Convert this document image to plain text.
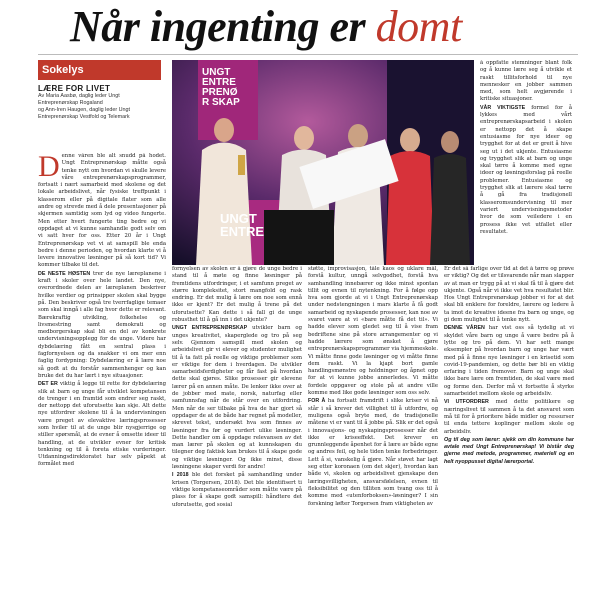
Når ingenting er domt
Sokelys
LÆRE FOR LIVET
Av Maria Aasbø, daglig leder Ungt
Entreprenørskap Rogaland
og Ann-Iren Haugen, daglig leder Ungt
Entreprenørskap Vestfold og Telemark
UNGT
ENTRE
PRENØ
R SKAP
UNGT
ENTRE

Denne våren ble alt snudd på hodet. Ungt Entreprenørskap måtte også tenke nytt om hvordan vi skulle levere våre entreprenørskapsprogrammer, fortsatt i nært samarbeid med skolene og det lokale arbeidslivet, når fysiske treffpunkt i klasserom eller på digitale flater som alle andre og strevde med å dele presentasjoner på skjermen samtidig som lyd og video fungerte. Men etter hvert fungerte ting bedre og vi oppdaget at vi kunne samhandle godt selv om vi satt hver for oss. Etter 20 år i Ungt Entreprenørskap vet vi at samspill ble enda bedre i denne perioden, og hvordan klarte vi å levere innovative løsninger på så kort tid? Vi kommer tilbake til det.

DE NESTE HØSTEN trer de nye læreplanene i kraft i skoler over hele landet. Den nye, overordnede delen av læreplanen beskriver hvilke verdier og prinsipper skolen skal bygge på. Den beskriver også tre tverrfaglige temaer som skal inngå i alle fag hvor dette er relevant. Bærekraftig utvikling, folkehelse og livsmestring samt demokrati og medborgerskap skal bli en del av konkrete undervisningsopplegg for de unge. Videre har dybdelæring fått en sentral plass i fagfornyelsen og da snakker vi om mer enn faglig fordypning: Dybdelæring er å lære noe så godt at du forstår sammenhenger og kan bruke det du har lært i nye situasjoner.

DET ER viktig å legge til rette for dybdelæring slik at barn og unge får utviklet kompetansen de trenger i en framtid som endrer seg raskt, der nettopp det uforutsette kan skje. Alt dette nye utfordrer skolene til å la undervisningen være preget av elevaktive læringsprosesser som hviler til at de unge blir nysgjerrige og stiller spørsmål, at de evner å omsette ideer til handling, at de utvikler evner for kritisk tenkning og til å foreta etiske vurderinger. Utdanningsdirektoratet har selv påpekt at formålet med

fornyelsen av skolen er å gjøre de unge bedre i stand til å møte og finne løsninger på fremtidens utfordringer, i et samfunn preget av større kompleksitet, stort mangfold og rask endring. Er det mulig å lære om noe som ennå ikke er kjent? Er det mulig å trene på det uforutsette? Kan dette i så fall gi de unge robusthet til å gå inn i det ukjente?

UNGT ENTREPRENØRSKAP utvikler barn og unges kreativitet, skaperglede og tro på seg selv. Gjennom samspill med skolen og arbeidslivet gir vi elever og studenter mulighet til å ta fatt på reelle og viktige problemer som er viktige for dem i hverdagen. De utvikler samarbeidsferdigheter og får fast på hvordan dette skal gjøres. Slike prosesser gir elevene lærer på en annen måte. De lenker ikke over at de jobber med mate, norsk, naturfag eller samfunnsfag når de står over en utfordring. Men når de ser tilbake på hva de har gjort så oppdager de at de både har regnet på modeller, skrevet tekst, undersøkt hva som finnes av løsninger fra før og vurdert ulike løsninger. Dette handler om å oppdage relevansen av det man lærer på skolen og at kunnskapen du tilegner deg faktisk kan brukes til å skape gode og viktige løsninger. Og ikke minst, disse løsningene skaper verdi for andre!

I 2018 ble det forsket på samhandling under krisen (Torgersen, 2018). Det ble identifisert ti viktige kompetanseområder som måtte være på plass for å skape godt samspill: håndtere det uforutsette, god sosial

støtte, improvisasjon, tåle kaos og uklare mål, forstå kultur, unngå selvgodhet, forstå hva samhandling innebærer og ikke minst spontan tillit og evnen til nytenkning. For å følge opp hva som gjorde at vi i Ungt Entreprenørskap under nedstengningen i mars klarte å få godt samarbeid og nyskapende prosesser, kan noe av svaret være at vi «bare måtte få det til». Vi hadde elever som gledet seg til å vise fram bedriftene sine på store arrangementer og vi hadde lærere som ønsket å gjøre entreprenørskapsprogrammer via hjemmeskole. Vi måtte finne gode løsninger og vi måtte finne dem raskt. Vi la kjapt bort gamle handlingsmønstre og holdninger og åpnet opp for at vi kunne jobbe annerledes. Vi måtte fordele oppgaver og stole på at andre ville komme med like gode løsninger som oss selv.

FOR Å ha fortsatt framdrift i slike kriser vi nå står i så krever det villighet til å utfordre, og muligens også bryte med, de tradisjonelle måtene vi er vant til å jobbe på. Slik er det også i innovasjons- og nyskapingsprosesser når det ikke er kriseeffekt. Det krever en grunnleggende åpenhet for å lære av både egne og andres feil, og hele tiden tenke forbedringer. Lett å si, vanskelig å gjøre. Når støvet har lagt seg etter koronaen (om det skjer), hvordan kan både vi, skolen og arbeidslivet gjenskape den læringsvilligheten, ansvarsfølelsen, evnen til fleksibilitet og den tilliten som tvang oss til å komme med «utenforboksen»-løsninger? I sin forskning løfter Torgersen fram viktigheten av

å oppfatte stemninger blant folk og å kunne lære seg å utvikle et raskt tillitsforhold til nye mennesker en jobber sammen med, som helt avgjørende i kritiske situasjoner.

VÅR VIKTIGSTE formel for å lykkes med vårt entreprenørskapsarbeid i skolen er nettopp det å skape entusiasme for nye ideer og trygghet for at det er greit å hive seg ut i det ukjente. Entusiasme og trygghet slik at barn og unge skal tørre å komme med egne ideer og løsningsforslag på reelle problemer. Entusiasme og trygghet slik at lærere skal tørre å gå fra tradisjonell klasseromsundervisning til mer variert undervisningsmetoder hvor de som veiledere i en prosess ikke vet utfallet eller resultatet.

Er det så farlige over tid at det å tørre og prøve er viktig? Og det er tilsvarende når man slapper av at man er trygg på at vi skal få til å gjøre det ukjente. Også når vi ikke vet hva resultatet blir. Hos Ungt Entreprenørskap jobber vi for at det skal bli enklere for foreldre, lærere og ledere å ta imot de kreative ideene fra barn og unge, og gi dem mulighet til å tenke nytt.

DENNE VÅREN har vist oss så tydelig at vi skyldet våre barn og unge å være bedre på å lytte og tro på dem. Vi har sett mange eksempler på hvordan barn og unge har vært med på å finne nye løsninger i en krisetid som covid-19-pandemien, og dette bør bli en viktig erfaring i tiden fremover. Barn og unge skal ikke bare lære om fremtiden, de skal være med og forme den. Derfor må vi fortsette å styrke samarbeidet mellom skole og arbeidsliv.

VI UTFORDRER med dette politikere og næringslivet til sammen å ta det ansvaret som må til for å prioritere både midler og ressurser til enda tettere koplinger mellom skole og arbeidsliv.

Og til deg som lærer: sjekk om din kommune har avtale med Ungt Entreprenørskap! Vi bistår deg gjerne med metode, programmer, materiell og en helt nyoppusset digital lærerportal.
